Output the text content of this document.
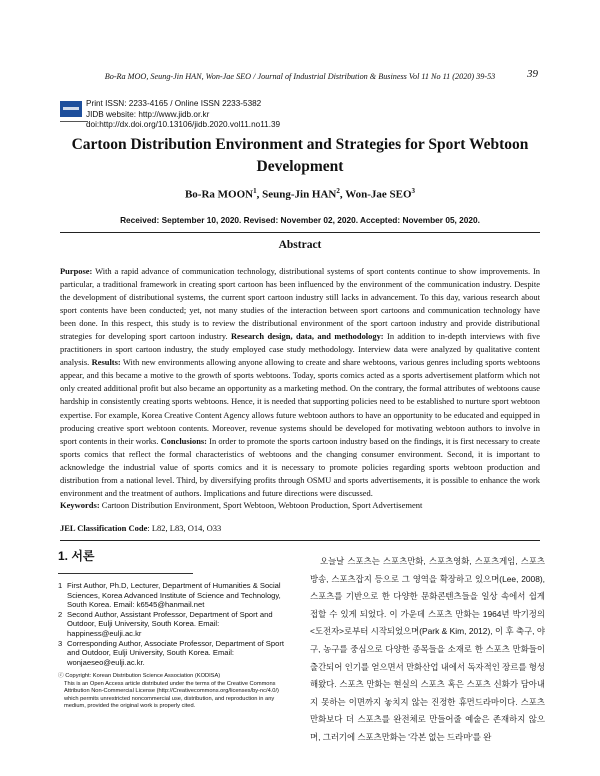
Bo-Ra MOO, Seung-Jin HAN, Won-Jae SEO / Journal of Industrial Distribution & Business Vol 11 No 11 (2020) 39-53	39
Print ISSN: 2233-4165 / Online ISSN 2233-5382
JIDB website: http://www.jidb.or.kr
doi:http://dx.doi.org/10.13106/jidb.2020.vol11.no11.39
Cartoon Distribution Environment and Strategies for Sport Webtoon Development
Bo-Ra MOON$^1$, Seung-Jin HAN$^2$, Won-Jae SEO$^3$
Received: September 10, 2020. Revised: November 02, 2020. Accepted: November 05, 2020.
Abstract
Purpose: With a rapid advance of communication technology, distributional systems of sport contents continue to show improvements. In particular, a traditional framework in creating sport cartoon has been influenced by the environment of the communication industry. Despite the development of distributional systems, the current sport cartoon industry still lacks in advancement. To this day, various research about sport contents have been conducted; yet, not many studies of the interaction between sport cartoons and communication technology have been done. In this respect, this study is to review the distributional environment of the sport cartoon industry and provide distributional strategies for developing sport cartoon industry. Research design, data, and methodology: In addition to in-depth interviews with five practitioners in sport cartoon industry, the study employed case study methodology. Interview data were analyzed by qualitative content analysis. Results: With new environments allowing anyone allowing to create and share webtoons, various genres including sports webtoons appear, and this became a motive to the growth of sports webtoons. Today, sports comics acted as a sports advertisement platform which not only created additional profit but also became an opportunity as a marketing method. On the contrary, the formal attributes of webtoons cause hardship in consistently creating sports webtoons. Hence, it is needed that supporting policies need to be established to nurture sport webtoon expertise. For example, Korea Creative Content Agency allows future webtoon authors to have an opportunity to be educated and equipped in producing creative sport webtoon contents. Moreover, revenue systems should be developed for motivating webtoon authors to involve in sport contents in their works. Conclusions: In order to promote the sports cartoon industry based on the findings, it is first necessary to create sports comics that reflect the formal characteristics of webtoons and the changing consumer environment. Second, it is important to acknowledge the industrial value of sports comics and it is necessary to promote policies regarding sports webtoon production and distribution from a national level. Third, by diversifying profits through OSMU and sports advertisements, it is possible to enhance the work environment and the treatment of authors. Implications and future directions were discussed.
Keywords: Cartoon Distribution Environment, Sport Webtoon, Webtoon Production, Sport Advertisement
JEL Classification Code: L82, L83, O14, O33
1. 서론
1 First Author, Ph.D, Lecturer, Department of Humanities & Social Sciences, Korea Advanced Institute of Science and Technology, South Korea. Email: k6545@hanmail.net
2 Second Author, Assistant Professor, Department of Sport and Outdoor, Eulji University, South Korea. Email: happiness@eulji.ac.kr
3 Corresponding Author, Associate Professor, Department of Sport and Outdoor, Eulji University, South Korea. Email: wonjaeseo@eulji.ac.kr.
ⓒ Copyright: Korean Distribution Science Association (KODISA)
This is an Open Access article distributed under the terms of the Creative Commons Attribution Non-Commercial License (http://Creativecommons.org/licenses/by-nc/4.0/) which permits unrestricted noncommercial use, distribution, and reproduction in any medium, provided the original work is properly cited.

오늘날 스포츠는 스포츠만화, 스포츠영화, 스포츠게임, 스포츠 방송, 스포츠잡지 등으로 그 영역을 확장하고 있으며(Lee, 2008), 스포츠를 기반으로 한 다양한 문화콘텐츠들을 일상 속에서 쉽게 접할 수 있게 되었다. 이 가운데 스포츠 만화는 1964년 박기정의 <도전자>로부터 시작되었으며(Park & Kim, 2012), 이 후 축구, 야구, 농구를 중심으로 다양한 종목들을 소재로 한 스포츠 만화들이 출간되어 인기를 얻으면서 만화산업 내에서 독자적인 장르를 형성해왔다. 스포츠 만화는 현실의 스포츠 혹은 스포츠 신화가 담아내지 못하는 이면까지 놓치지 않는 진정한 휴먼드라마이다. 스포츠 만화보다 더 스포츠를 완전체로 만들어줄 예술은 존재하지 않으며, 그러기에 스포츠만화는 '각본 없는 드라마'를 완
